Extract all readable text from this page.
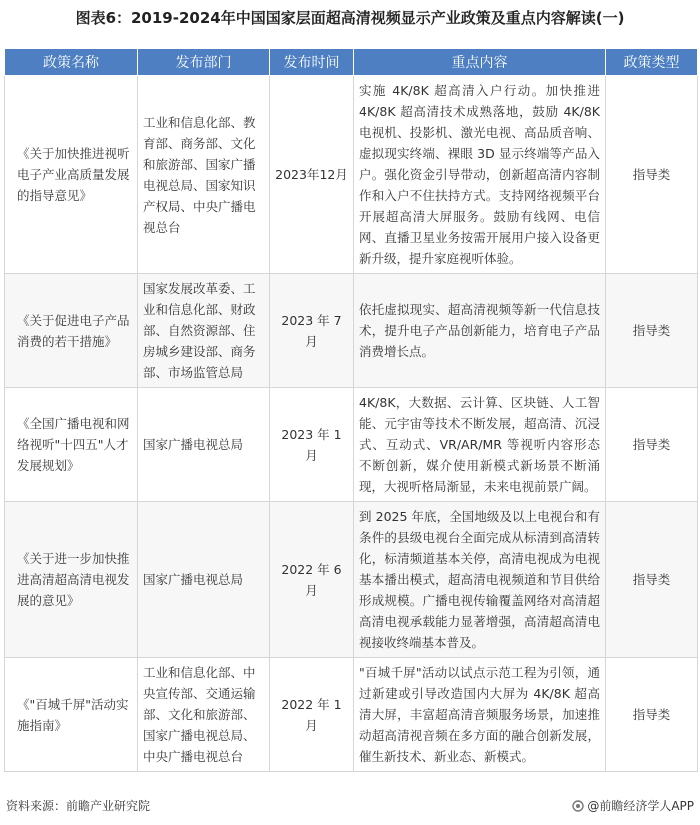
图表6：2019-2024年中国国家层面超高清视频显示产业政策及重点内容解读(一)
政策名称	发布部门	发布时间	重点内容	政策类型
《关于加快推进视听电子产业高质量发展的指导意见》	工业和信息化部、教育部、商务部、文化和旅游部、国家广播电视总局、国家知识产权局、中央广播电视总台	2023年12月	实施 4K/8K 超高清入户行动。加快推进 4K/8K 超高清技术成熟落地，鼓励 4K/8K 电视机、投影机、激光电视、高品质音响、虚拟现实终端、裸眼 3D 显示终端等产品入户。强化资金引导带动，创新超高清内容制作和入户不住扶持方式。支持网络视频平台开展超高清大屏服务。鼓励有线网、电信网、直播卫星业务按需开展用户接入设备更新升级，提升家庭视听体验。	指导类
《关于促进电子产品消费的若干措施》	国家发展改革委、工业和信息化部、财政部、自然资源部、住房城乡建设部、商务部、市场监管总局	2023 年 7 月	依托虚拟现实、超高清视频等新一代信息技术，提升电子产品创新能力，培育电子产品消费增长点。	指导类
《全国广播电视和网络视听"十四五"人才发展规划》	国家广播电视总局	2023 年 1 月	4K/8K，大数据、云计算、区块链、人工智能、元宇宙等技术不断发展，超高清、沉浸式、互动式、VR/AR/MR 等视听内容形态不断创新，媒介使用新模式新场景不断涌现，大视听格局渐显，未来电视前景广阔。	指导类
《关于进一步加快推进高清超高清电视发展的意见》	国家广播电视总局	2022 年 6 月	到 2025 年底，全国地级及以上电视台和有条件的县级电视台全面完成从标清到高清转化，标清频道基本关停，高清电视成为电视基本播出模式，超高清电视频道和节目供给形成规模。广播电视传输覆盖网络对高清超高清电视承载能力显著增强，高清超高清电视接收终端基本普及。	指导类
《"百城千屏"活动实施指南》	工业和信息化部、中央宣传部、交通运输部、文化和旅游部、国家广播电视总局、中央广播电视总台	2022 年 1 月	"百城千屏"活动以试点示范工程为引领，通过新建或引导改造国内大屏为 4K/8K 超高清大屏，丰富超高清音频服务场景，加速推动超高清视音频在多方面的融合创新发展，催生新技术、新业态、新模式。	指导类
资料来源：前瞻产业研究院	@前瞻经济学人APP
